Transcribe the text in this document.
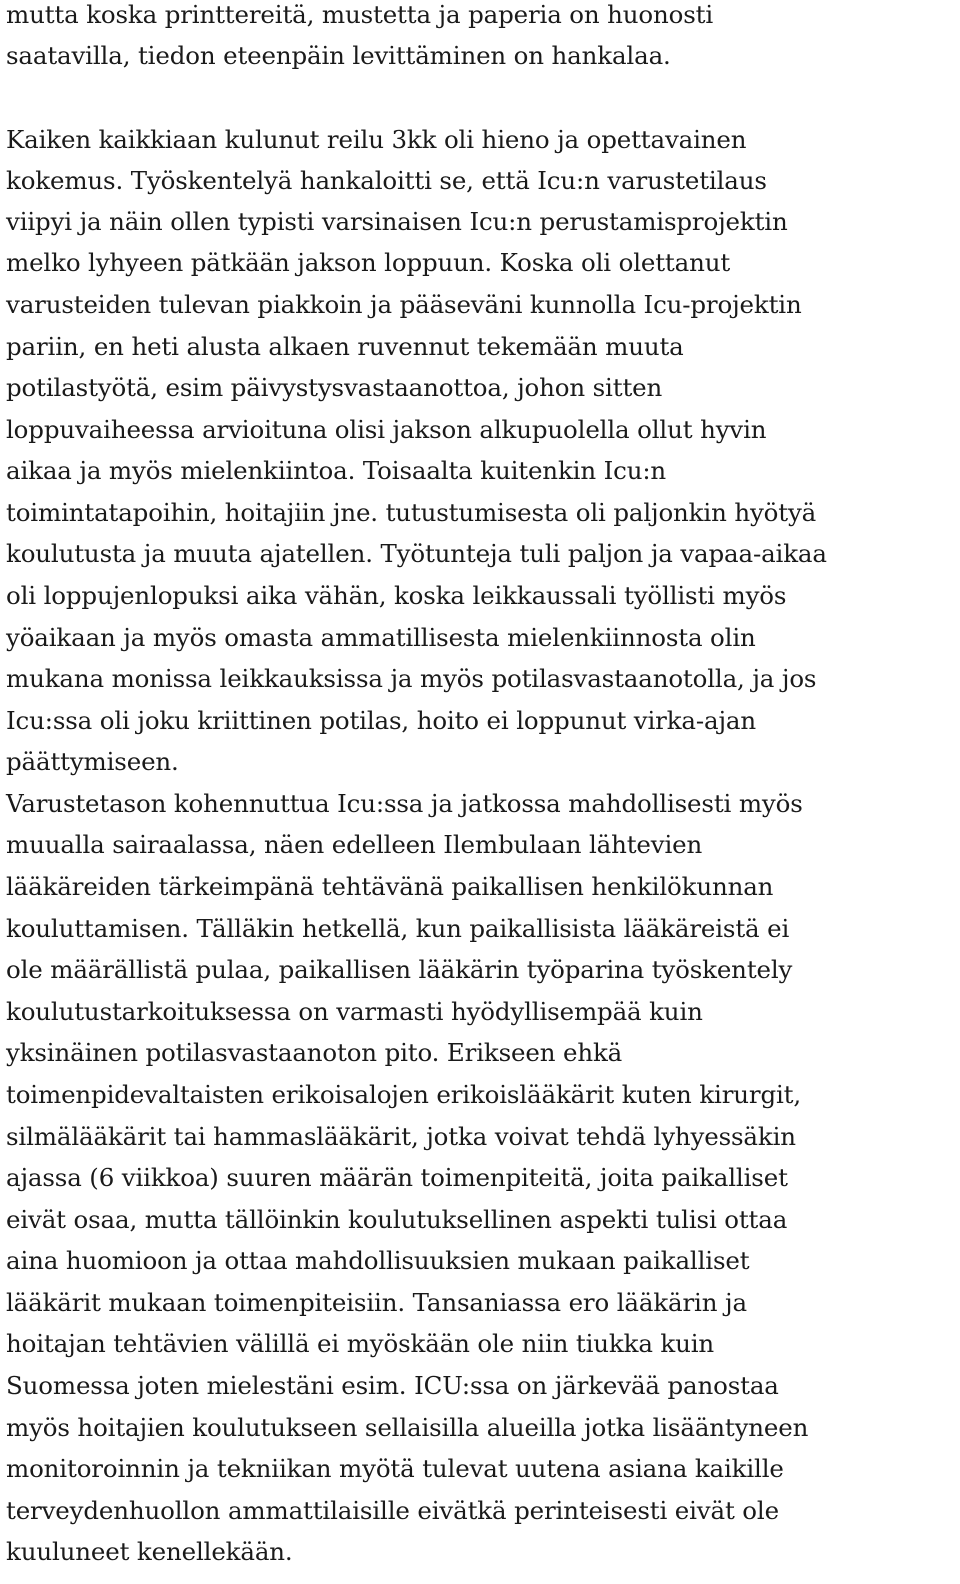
mutta koska printtereitä, mustetta ja paperia on huonosti
saatavilla, tiedon eteenpäin levittäminen on hankalaa.
Kaiken kaikkiaan kulunut reilu 3kk oli hieno ja opettavainen
kokemus. Työskentelyä hankaloitti se, että Icu:n varustetilaus
viipyi ja näin ollen typisti varsinaisen Icu:n perustamisprojektin
melko lyhyeen pätkään jakson loppuun. Koska oli olettanut
varusteiden tulevan piakkoin ja pääseväni kunnolla Icu-projektin
pariin, en heti alusta alkaen ruvennut tekemään muuta
potilastyötä, esim päivystysvastaanottoa, johon sitten
loppuvaiheessa arvioituna olisi jakson alkupuolella ollut hyvin
aikaa ja myös mielenkiintoa. Toisaalta kuitenkin Icu:n
toimintatapoihin, hoitajiin jne. tutustumisesta oli paljonkin hyötyä
koulutusta ja muuta ajatellen. Työtunteja tuli paljon ja vapaa-aikaa
oli loppujenlopuksi aika vähän, koska leikkaussali työllisti myös
yöaikaan ja myös omasta ammatillisesta mielenkiinnosta olin
mukana monissa leikkauksissa ja myös potilasvastaanotolla, ja jos
Icu:ssa oli joku kriittinen potilas, hoito ei loppunut virka-ajan
päättymiseen.
Varustetason kohennuttua Icu:ssa ja jatkossa mahdollisesti myös
muualla sairaalassa, näen edelleen Ilembulaan lähtevien
lääkäreiden tärkeimpänä tehtävänä paikallisen henkilökunnan
kouluttamisen. Tälläkin hetkellä, kun paikallisista lääkäreistä ei
ole määrällistä pulaa, paikallisen lääkärin työparina työskentely
koulutustarkoituksessa on varmasti hyödyllisempää kuin
yksinäinen potilasvastaanoton pito. Erikseen ehkä
toimenpidevaltaisten erikoisalojen erikoislääkärit kuten kirurgit,
silmälääkärit tai hammaslääkärit, jotka voivat tehdä lyhyessäkin
ajassa (6 viikkoa) suuren määrän toimenpiteitä, joita paikalliset
eivät osaa, mutta tällöinkin koulutuksellinen aspekti tulisi ottaa
aina huomioon ja ottaa mahdollisuuksien mukaan paikalliset
lääkärit mukaan toimenpiteisiin. Tansaniassa ero lääkärin ja
hoitajan tehtävien välillä ei myöskään ole niin tiukka kuin
Suomessa joten mielestäni esim. ICU:ssa on järkevää panostaa
myös hoitajien koulutukseen sellaisilla alueilla jotka lisääntyneen
monitoroinnin ja tekniikan myötä tulevat uutena asiana kaikille
terveydenhuollon ammattilaisille eivätkä perinteisesti eivät ole
kuuluneet kenellekään.
